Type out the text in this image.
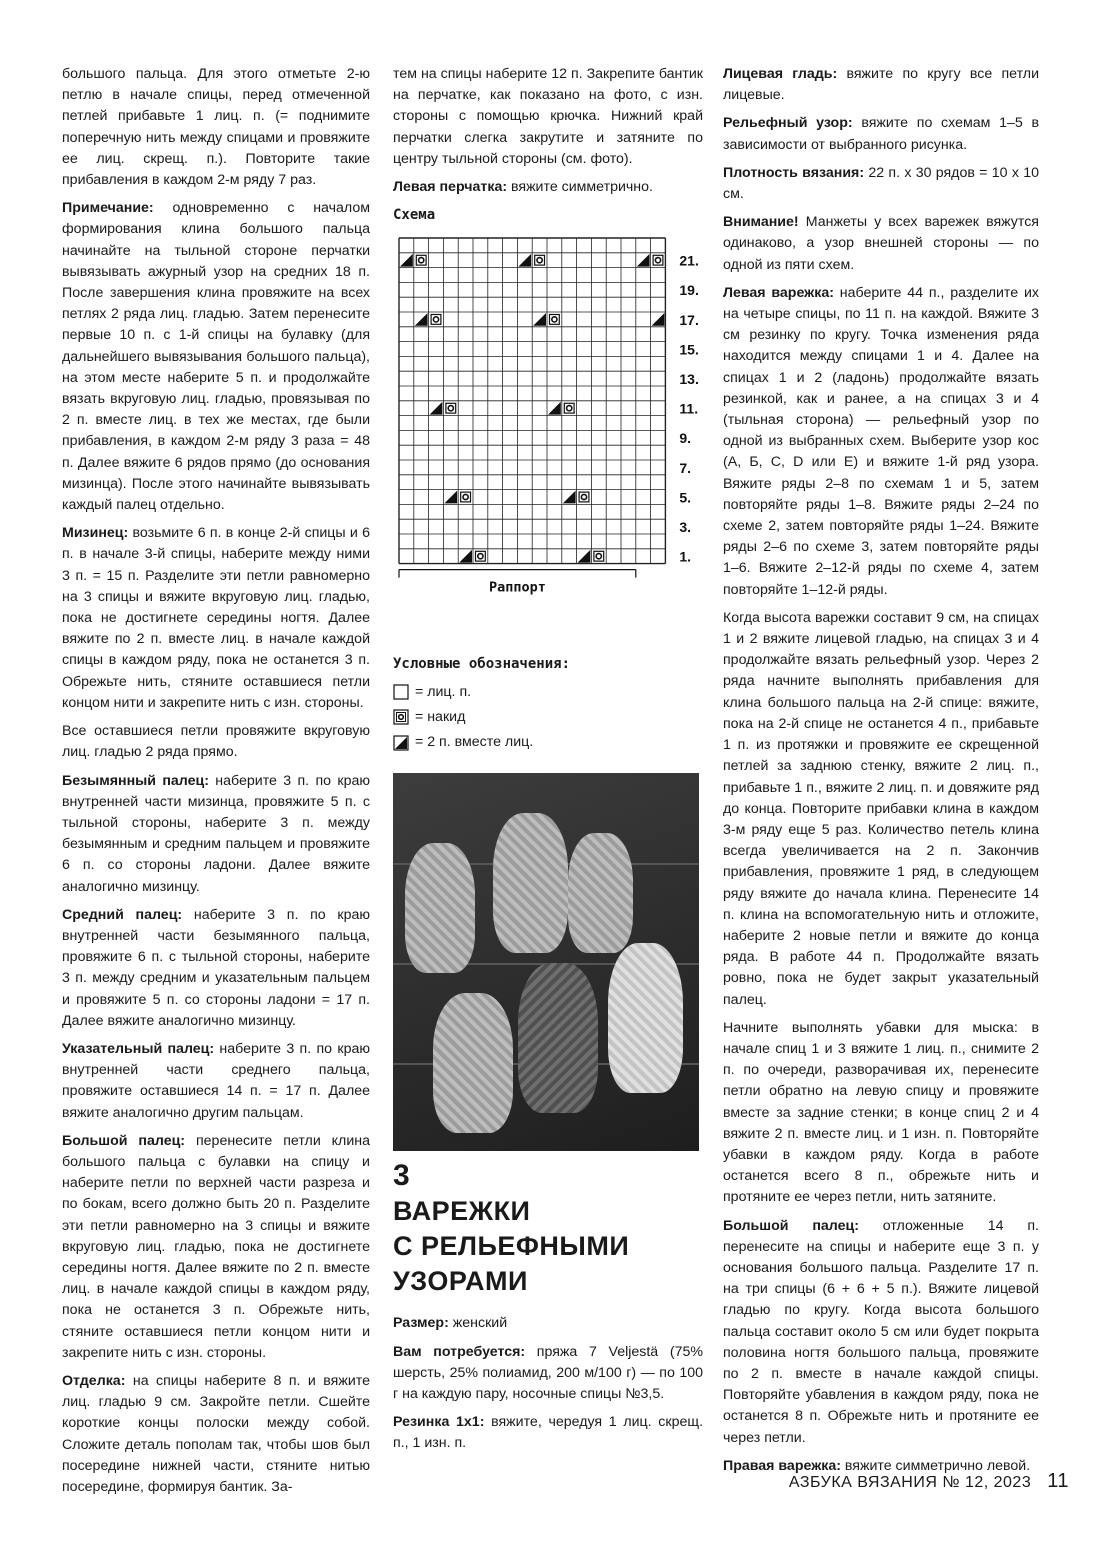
большого пальца. Для этого отметьте 2-ю петлю в начале спицы, перед отмеченной петлей прибавьте 1 лиц. п. (= поднимите поперечную нить между спицами и провяжите ее лиц. скрещ. п.). Повторите такие прибавления в каждом 2-м ряду 7 раз.

Примечание: одновременно с началом формирования клина большого пальца начинайте на тыльной стороне перчатки вывязывать ажурный узор на средних 18 п. После завершения клина провяжите на всех петлях 2 ряда лиц. гладью. Затем перенесите первые 10 п. с 1-й спицы на булавку (для дальнейшего вывязывания большого пальца), на этом месте наберите 5 п. и продолжайте вязать вкруговую лиц. гладью, провязывая по 2 п. вместе лиц. в тех же местах, где были прибавления, в каждом 2-м ряду 3 раза = 48 п. Далее вяжите 6 рядов прямо (до основания мизинца). После этого начинайте вывязывать каждый палец отдельно.

Мизинец: возьмите 6 п. в конце 2-й спицы и 6 п. в начале 3-й спицы, наберите между ними 3 п. = 15 п. Разделите эти петли равномерно на 3 спицы и вяжите вкруговую лиц. гладью, пока не достигнете середины ногтя. Далее вяжите по 2 п. вместе лиц. в начале каждой спицы в каждом ряду, пока не останется 3 п. Обрежьте нить, стяните оставшиеся петли концом нити и закрепите нить с изн. стороны.

Все оставшиеся петли провяжите вкруговую лиц. гладью 2 ряда прямо.

Безымянный палец: наберите 3 п. по краю внутренней части мизинца, провяжите 5 п. с тыльной стороны, наберите 3 п. между безымянным и средним пальцем и провяжите 6 п. со стороны ладони. Далее вяжите аналогично мизинцу.

Средний палец: наберите 3 п. по краю внутренней части безымянного пальца, провяжите 6 п. с тыльной стороны, наберите 3 п. между средним и указательным пальцем и провяжите 5 п. со стороны ладони = 17 п. Далее вяжите аналогично мизинцу.

Указательный палец: наберите 3 п. по краю внутренней части среднего пальца, провяжите оставшиеся 14 п. = 17 п. Далее вяжите аналогично другим пальцам.

Большой палец: перенесите петли клина большого пальца с булавки на спицу и наберите петли по верхней части разреза и по бокам, всего должно быть 20 п. Разделите эти петли равномерно на 3 спицы и вяжите вкруговую лиц. гладью, пока не достигнете середины ногтя. Далее вяжите по 2 п. вместе лиц. в начале каждой спицы в каждом ряду, пока не останется 3 п. Обрежьте нить, стяните оставшиеся петли концом нити и закрепите нить с изн. стороны.

Отделка: на спицы наберите 8 п. и вяжите лиц. гладью 9 см. Закройте петли. Сшейте короткие концы полоски между собой. Сложите деталь пополам так, чтобы шов был посередине нижней части, стяните нитью посередине, формируя бантик. За-

тем на спицы наберите 12 п. Закрепите бантик на перчатке, как показано на фото, с изн. стороны с помощью крючка. Нижний край перчатки слегка закрутите и затяните по центру тыльной стороны (см. фото).

Левая перчатка: вяжите симметрично.

Схема
21.
19.
17.
15.
13.
11.
9.
7.
5.
3.
1.
Раппорт
Условные обозначения:
= лиц. п.
= накид
= 2 п. вместе лиц.
3
ВАРЕЖКИ
С РЕЛЬЕФНЫМИ
УЗОРАМИ

Размер: женский

Вам потребуется: пряжа 7 Veljestä (75% шерсть, 25% полиамид, 200 м/100 г) — по 100 г на каждую пару, носочные спицы №3,5.

Резинка 1х1: вяжите, чередуя 1 лиц. скрещ. п., 1 изн. п.

Лицевая гладь: вяжите по кругу все петли лицевые.

Рельефный узор: вяжите по схемам 1–5 в зависимости от выбранного рисунка.

Плотность вязания: 22 п. х 30 рядов = 10 х 10 см.

Внимание! Манжеты у всех варежек вяжутся одинаково, а узор внешней стороны — по одной из пяти схем.

Левая варежка: наберите 44 п., разделите их на четыре спицы, по 11 п. на каждой. Вяжите 3 см резинку по кругу. Точка изменения ряда находится между спицами 1 и 4. Далее на спицах 1 и 2 (ладонь) продолжайте вязать резинкой, как и ранее, а на спицах 3 и 4 (тыльная сторона) — рельефный узор по одной из выбранных схем. Выберите узор кос (А, Б, С, D или Е) и вяжите 1-й ряд узора. Вяжите ряды 2–8 по схемам 1 и 5, затем повторяйте ряды 1–8. Вяжите ряды 2–24 по схеме 2, затем повторяйте ряды 1–24. Вяжите ряды 2–6 по схеме 3, затем повторяйте ряды 1–6. Вяжите 2–12-й ряды по схеме 4, затем повторяйте 1–12-й ряды.

Когда высота варежки составит 9 см, на спицах 1 и 2 вяжите лицевой гладью, на спицах 3 и 4 продолжайте вязать рельефный узор. Через 2 ряда начните выполнять прибавления для клина большого пальца на 2-й спице: вяжите, пока на 2-й спице не останется 4 п., прибавьте 1 п. из протяжки и провяжите ее скрещенной петлей за заднюю стенку, вяжите 2 лиц. п., прибавьте 1 п., вяжите 2 лиц. п. и довяжите ряд до конца. Повторите прибавки клина в каждом 3-м ряду еще 5 раз. Количество петель клина всегда увеличивается на 2 п. Закончив прибавления, провяжите 1 ряд, в следующем ряду вяжите до начала клина. Перенесите 14 п. клина на вспомогательную нить и отложите, наберите 2 новые петли и вяжите до конца ряда. В работе 44 п. Продолжайте вязать ровно, пока не будет закрыт указательный палец.

Начните выполнять убавки для мыска: в начале спиц 1 и 3 вяжите 1 лиц. п., снимите 2 п. по очереди, разворачивая их, перенесите петли обратно на левую спицу и провяжите вместе за задние стенки; в конце спиц 2 и 4 вяжите 2 п. вместе лиц. и 1 изн. п. Повторяйте убавки в каждом ряду. Когда в работе останется всего 8 п., обрежьте нить и протяните ее через петли, нить затяните.

Большой палец: отложенные 14 п. перенесите на спицы и наберите еще 3 п. у основания большого пальца. Разделите 17 п. на три спицы (6 + 6 + 5 п.). Вяжите лицевой гладью по кругу. Когда высота большого пальца составит около 5 см или будет покрыта половина ногтя большого пальца, провяжите по 2 п. вместе в начале каждой спицы. Повторяйте убавления в каждом ряду, пока не останется 8 п. Обрежьте нить и протяните ее через петли.

Правая варежка: вяжите симметрично левой.

АЗБУКА ВЯЗАНИЯ № 12, 2023 11
